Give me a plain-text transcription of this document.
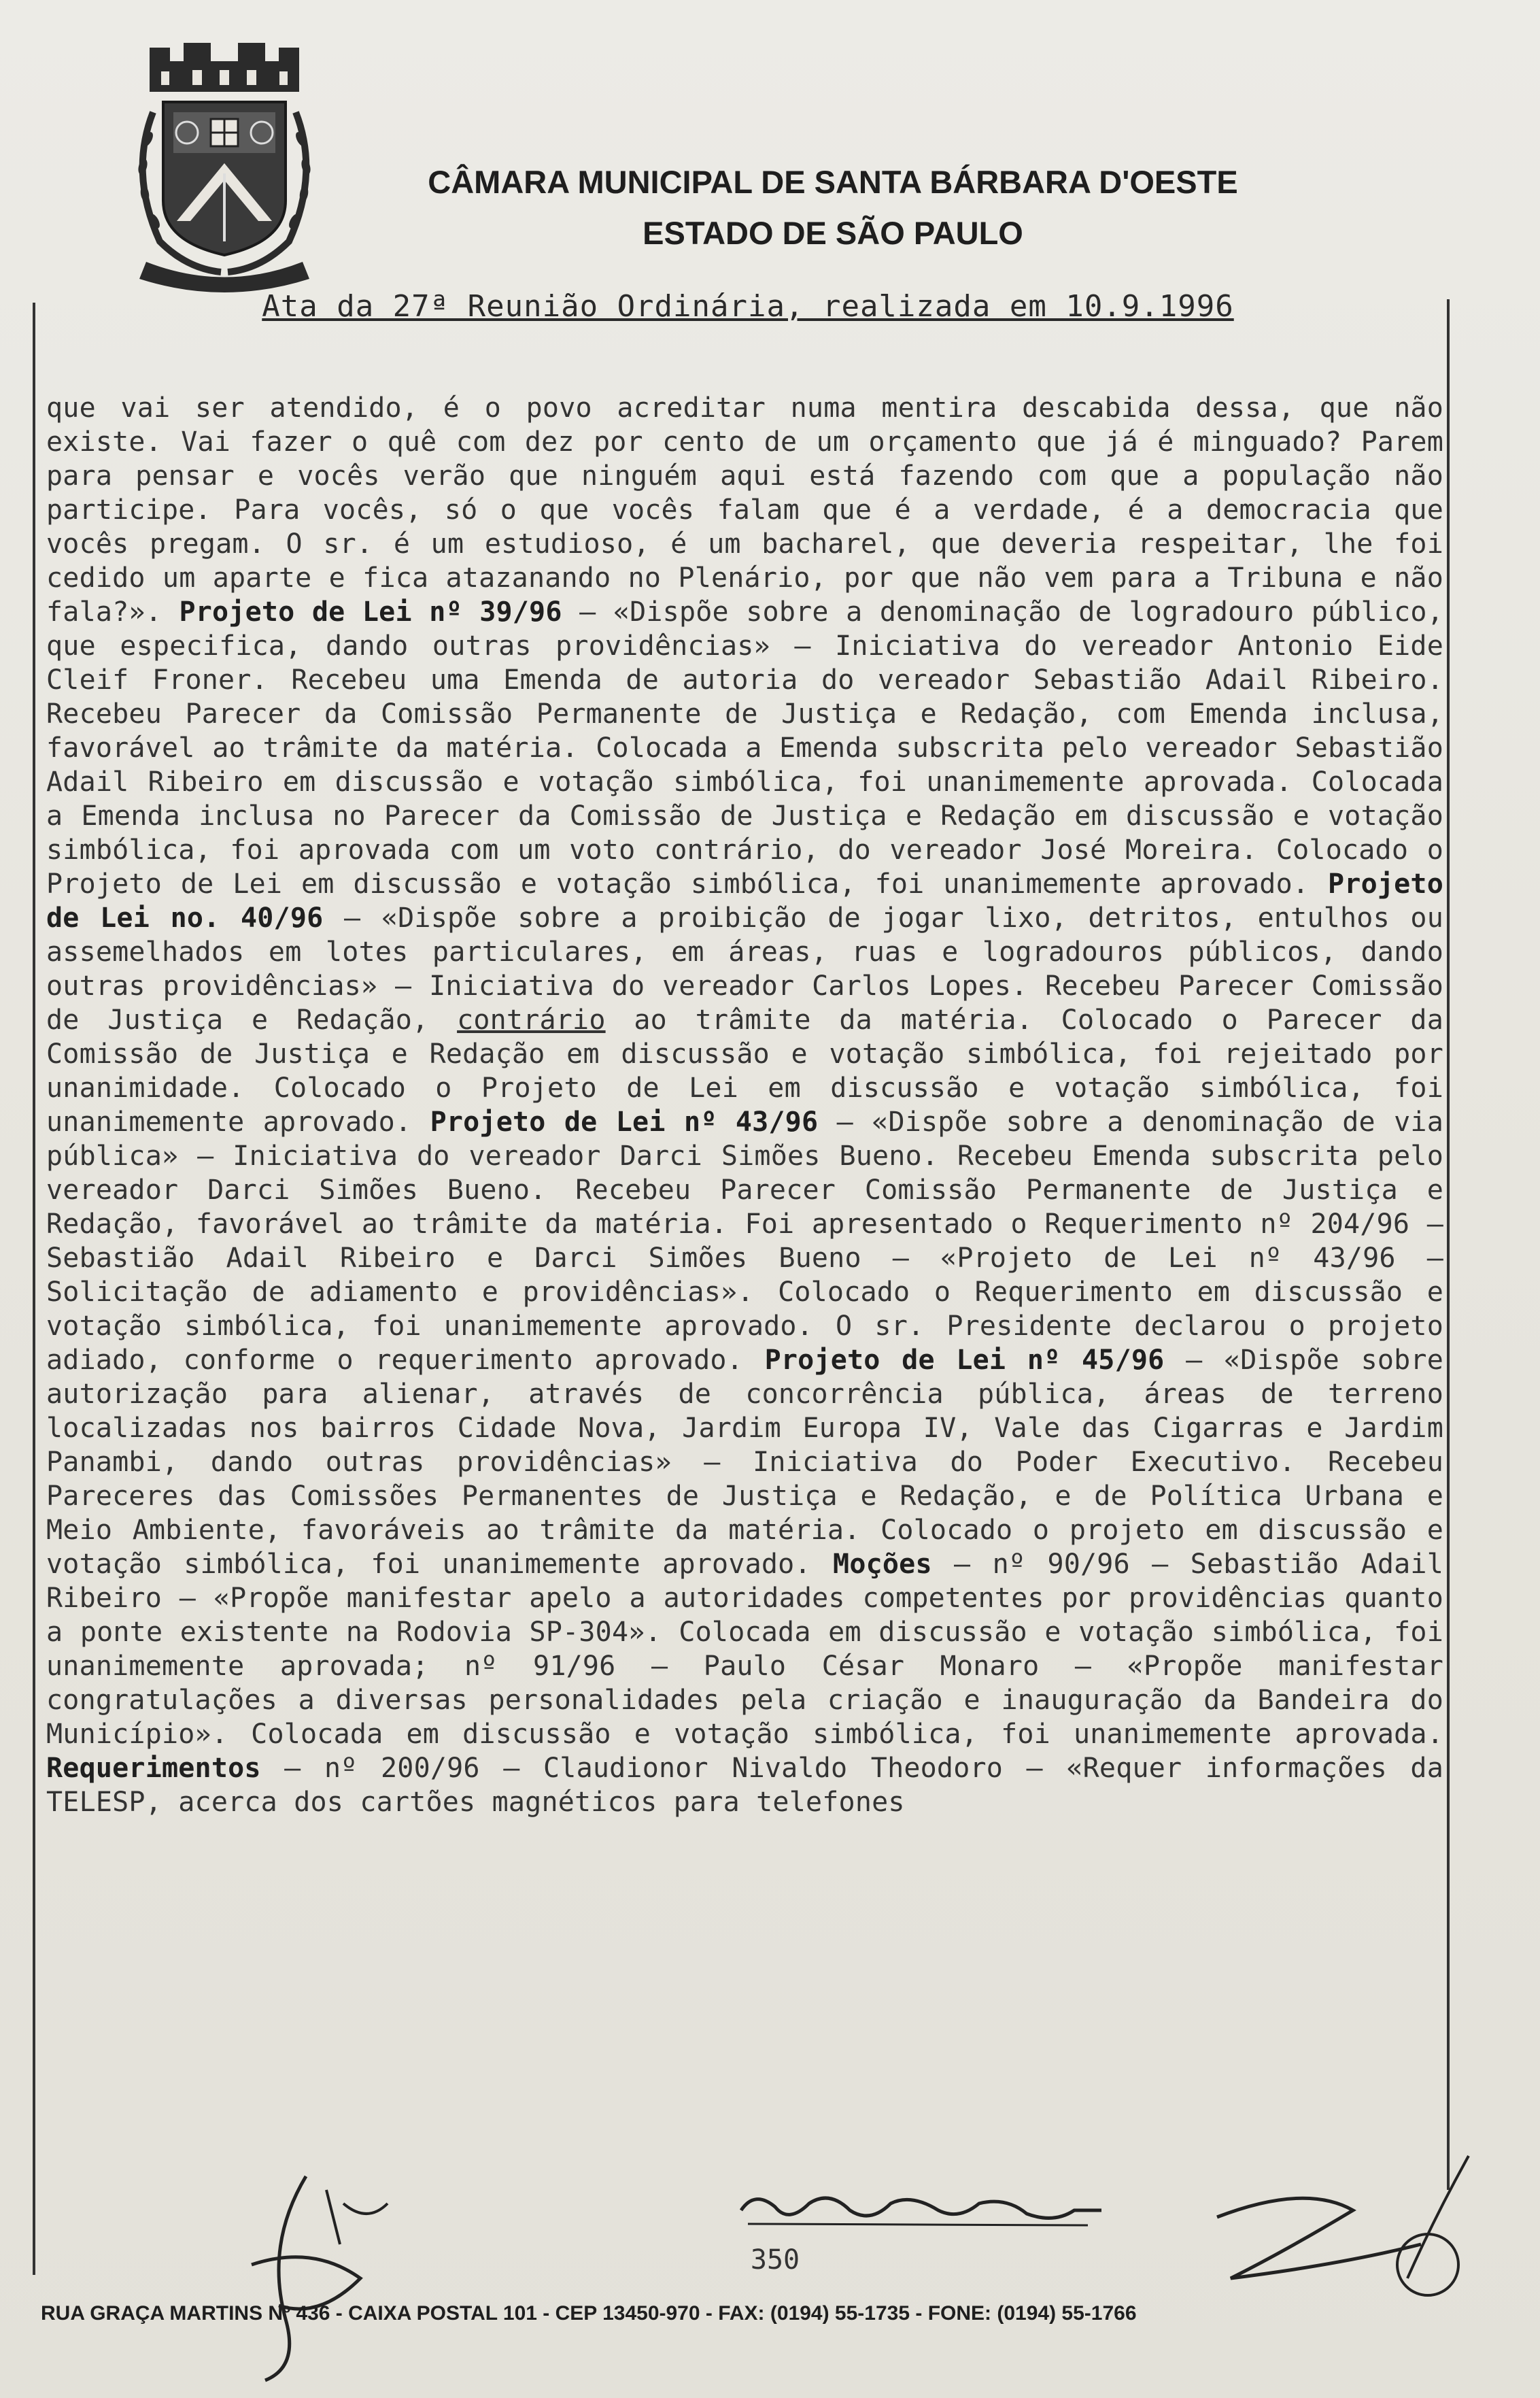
CÂMARA MUNICIPAL DE SANTA BÁRBARA D'OESTE
ESTADO DE SÃO PAULO
Ata da 27ª Reunião Ordinária, realizada em 10.9.1996
que vai ser atendido, é o povo acreditar numa mentira descabida dessa, que não existe. Vai fazer o quê com dez por cento de um orçamento que já é minguado? Parem para pensar e vocês verão que ninguém aqui está fazendo com que a população não participe. Para vocês, só o que vocês falam que é a verdade, é a democracia que vocês pregam. O sr. é um estudioso, é um bacharel, que deveria respeitar, lhe foi cedido um aparte e fica atazanando no Plenário, por que não vem para a Tribuna e não fala?». Projeto de Lei nº 39/96 – «Dispõe sobre a denominação de logradouro público, que especifica, dando outras providências» – Iniciativa do vereador Antonio Eide Cleif Froner. Recebeu uma Emenda de autoria do vereador Sebastião Adail Ribeiro. Recebeu Parecer da Comissão Permanente de Justiça e Redação, com Emenda inclusa, favorável ao trâmite da matéria. Colocada a Emenda subscrita pelo vereador Sebastião Adail Ribeiro em discussão e votação simbólica, foi unanimemente aprovada. Colocada a Emenda inclusa no Parecer da Comissão de Justiça e Redação em discussão e votação simbólica, foi aprovada com um voto contrário, do vereador José Moreira. Colocado o Projeto de Lei em discussão e votação simbólica, foi unanimemente aprovado. Projeto de Lei no. 40/96 – «Dispõe sobre a proibição de jogar lixo, detritos, entulhos ou assemelhados em lotes particulares, em áreas, ruas e logradouros públicos, dando outras providências» – Iniciativa do vereador Carlos Lopes. Recebeu Parecer Comissão de Justiça e Redação, contrário ao trâmite da matéria. Colocado o Parecer da Comissão de Justiça e Redação em discussão e votação simbólica, foi rejeitado por unanimidade. Colocado o Projeto de Lei em discussão e votação simbólica, foi unanimemente aprovado. Projeto de Lei nº 43/96 – «Dispõe sobre a denominação de via pública» – Iniciativa do vereador Darci Simões Bueno. Recebeu Emenda subscrita pelo vereador Darci Simões Bueno. Recebeu Parecer Comissão Permanente de Justiça e Redação, favorável ao trâmite da matéria. Foi apresentado o Requerimento nº 204/96 – Sebastião Adail Ribeiro e Darci Simões Bueno – «Projeto de Lei nº 43/96 – Solicitação de adiamento e providências». Colocado o Requerimento em discussão e votação simbólica, foi unanimemente aprovado. O sr. Presidente declarou o projeto adiado, conforme o requerimento aprovado. Projeto de Lei nº 45/96 – «Dispõe sobre autorização para alienar, através de concorrência pública, áreas de terreno localizadas nos bairros Cidade Nova, Jardim Europa IV, Vale das Cigarras e Jardim Panambi, dando outras providências» – Iniciativa do Poder Executivo. Recebeu Pareceres das Comissões Permanentes de Justiça e Redação, e de Política Urbana e Meio Ambiente, favoráveis ao trâmite da matéria. Colocado o projeto em discussão e votação simbólica, foi unanimemente aprovado. Moções – nº 90/96 – Sebastião Adail Ribeiro – «Propõe manifestar apelo a autoridades competentes por providências quanto a ponte existente na Rodovia SP-304». Colocada em discussão e votação simbólica, foi unanimemente aprovada; nº 91/96 – Paulo César Monaro – «Propõe manifestar congratulações a diversas personalidades pela criação e inauguração da Bandeira do Município». Colocada em discussão e votação simbólica, foi unanimemente aprovada. Requerimentos – nº 200/96 – Claudionor Nivaldo Theodoro – «Requer informações da TELESP, acerca dos cartões magnéticos para telefones
350
RUA GRAÇA MARTINS Nº 436 - CAIXA POSTAL 101 - CEP 13450-970 - FAX: (0194) 55-1735 - FONE: (0194) 55-1766
